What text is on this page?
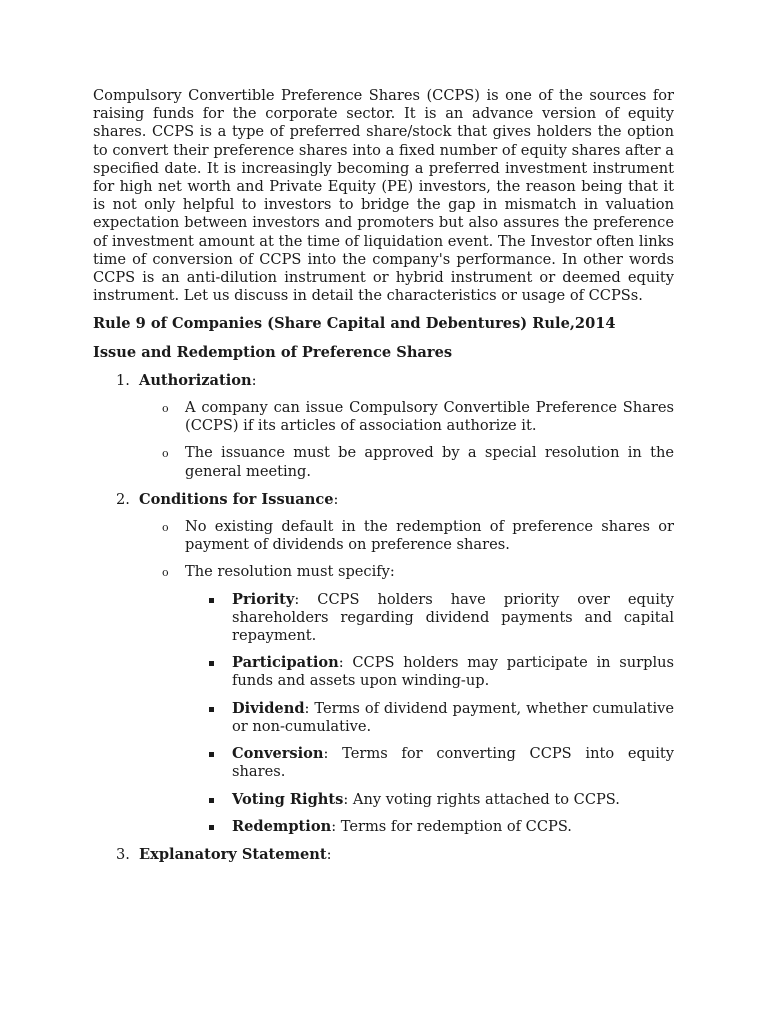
Compulsory Convertible Preference Shares (CCPS) is one of the sources for raising funds for the corporate sector. It is an advance version of equity shares. CCPS is a type of preferred share/stock that gives holders the option to convert their preference shares into a fixed number of equity shares after a specified date. It is increasingly becoming a preferred investment instrument for high net worth and Private Equity (PE) investors, the reason being that it is not only helpful to investors to bridge the gap in mismatch in valuation expectation between investors and promoters but also assures the preference of investment amount at the time of liquidation event. The Investor often links time of conversion of CCPS into the company's performance. In other words CCPS is an anti-dilution instrument or hybrid instrument or deemed equity instrument. Let us discuss in detail the characteristics or usage of CCPSs.

Rule 9 of Companies (Share Capital and Debentures) Rule,2014

Issue and Redemption of Preference Shares

1. Authorization:
o A company can issue Compulsory Convertible Preference Shares (CCPS) if its articles of association authorize it.
o The issuance must be approved by a special resolution in the general meeting.
2. Conditions for Issuance:
o No existing default in the redemption of preference shares or payment of dividends on preference shares.
o The resolution must specify:
Priority: CCPS holders have priority over equity shareholders regarding dividend payments and capital repayment.
Participation: CCPS holders may participate in surplus funds and assets upon winding-up.
Dividend: Terms of dividend payment, whether cumulative or non-cumulative.
Conversion: Terms for converting CCPS into equity shares.
Voting Rights: Any voting rights attached to CCPS.
Redemption: Terms for redemption of CCPS.
3. Explanatory Statement:
